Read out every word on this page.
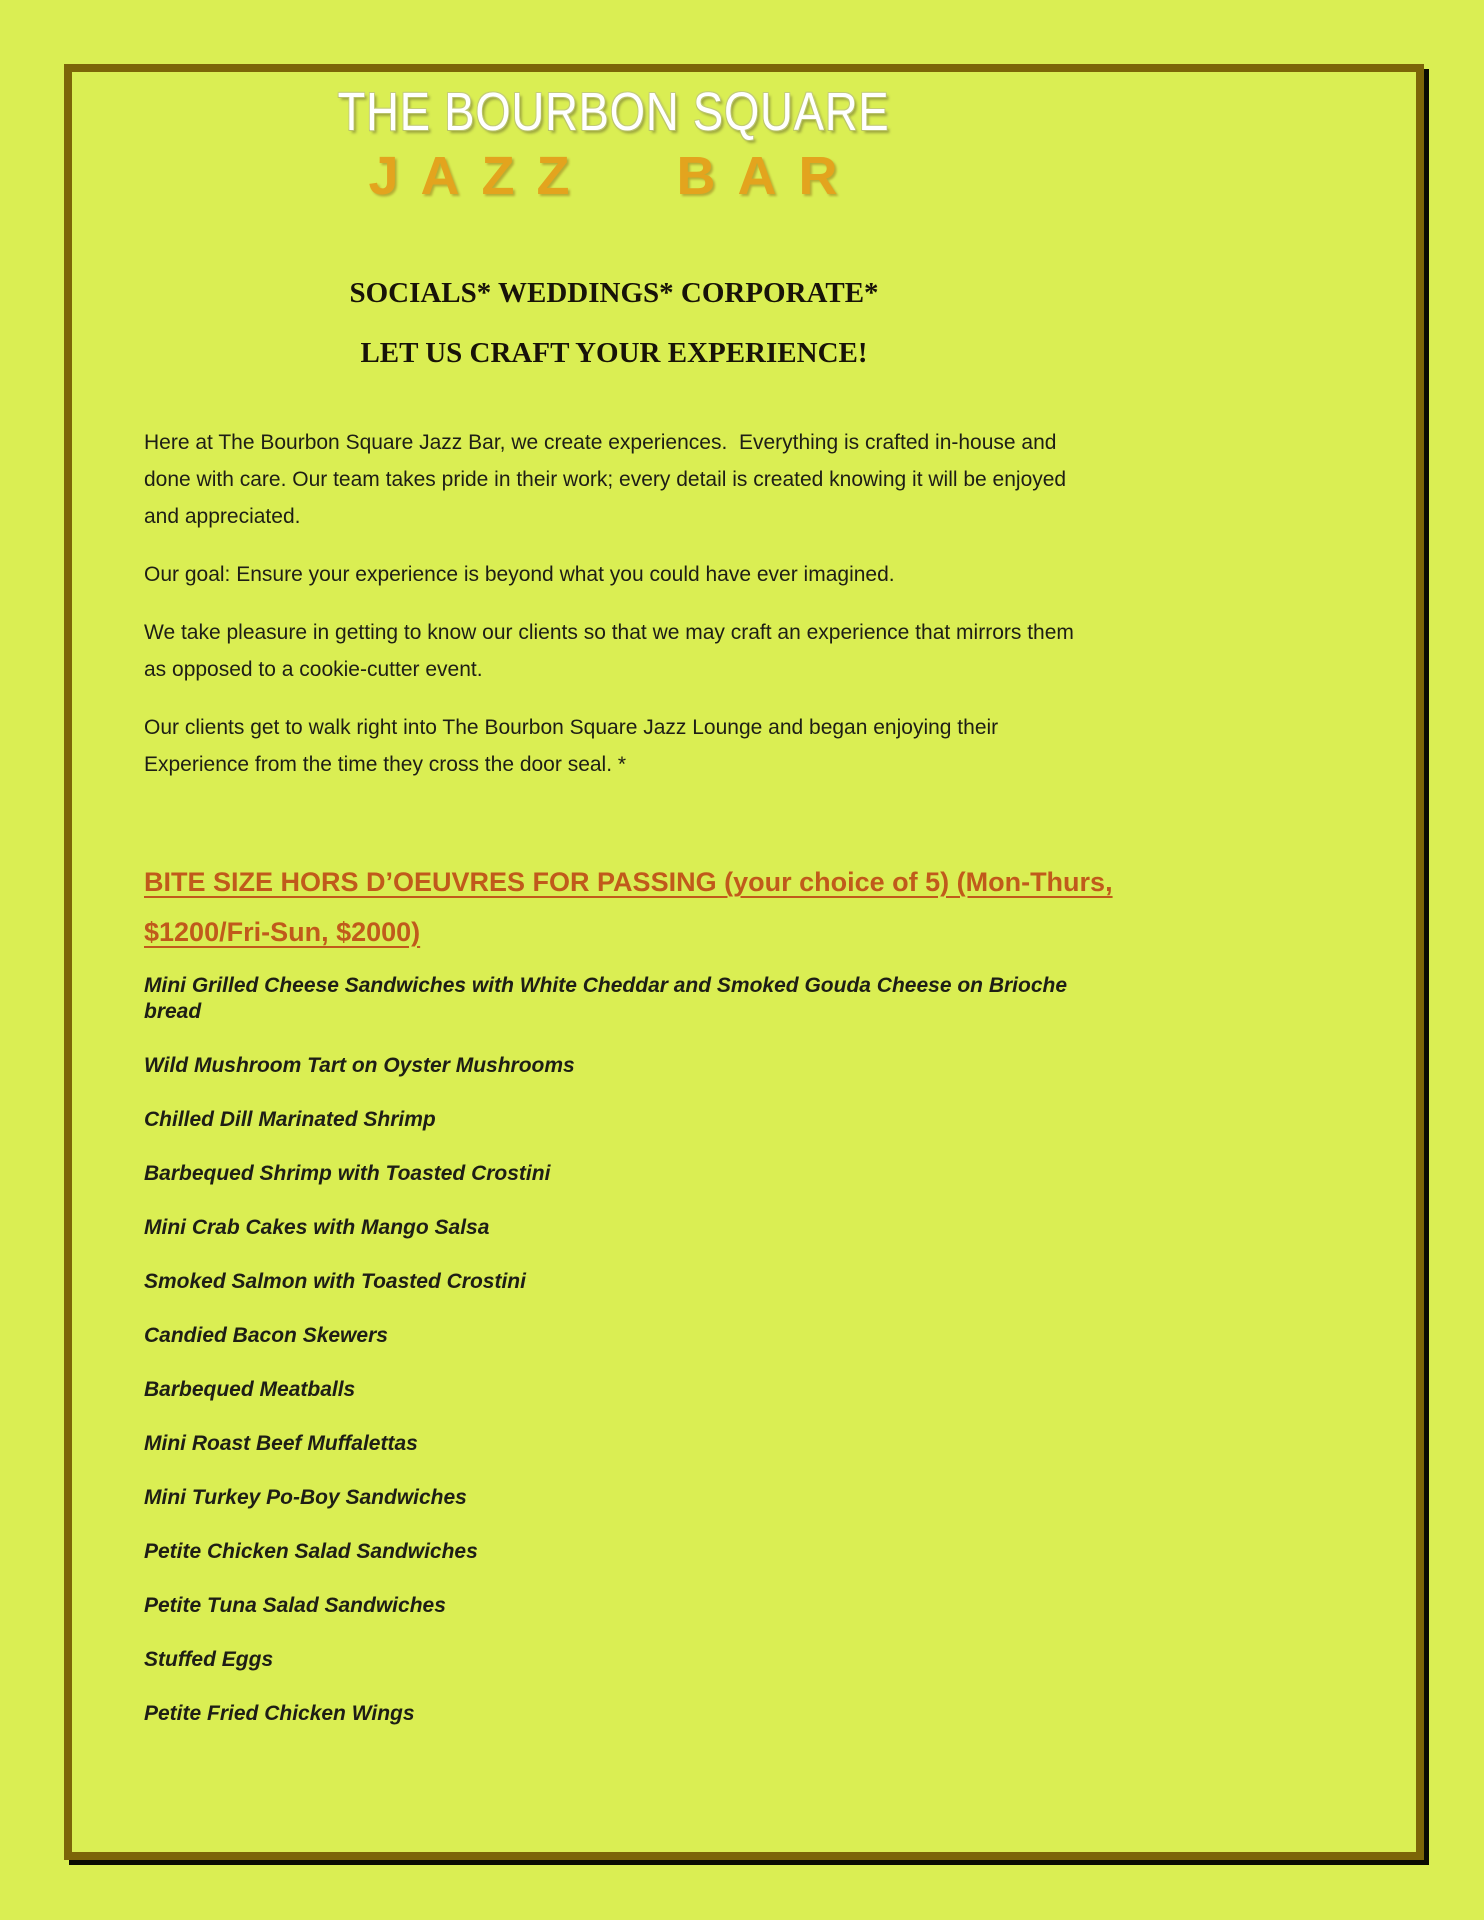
THE BOURBON SQUARE
JAZZ BAR
SOCIALS* WEDDINGS* CORPORATE*
LET US CRAFT YOUR EXPERIENCE!

Here at The Bourbon Square Jazz Bar, we create experiences.  Everything is crafted in-house and done with care. Our team takes pride in their work; every detail is created knowing it will be enjoyed and appreciated.

Our goal: Ensure your experience is beyond what you could have ever imagined.

We take pleasure in getting to know our clients so that we may craft an experience that mirrors them as opposed to a cookie-cutter event.

Our clients get to walk right into The Bourbon Square Jazz Lounge and began enjoying their Experience from the time they cross the door seal. *

BITE SIZE HORS D’OEUVRES FOR PASSING (your choice of 5) (Mon-Thurs,
$1200/Fri-Sun, $2000)

Mini Grilled Cheese Sandwiches with White Cheddar and Smoked Gouda Cheese on Brioche bread

Wild Mushroom Tart on Oyster Mushrooms

Chilled Dill Marinated Shrimp

Barbequed Shrimp with Toasted Crostini

Mini Crab Cakes with Mango Salsa

Smoked Salmon with Toasted Crostini

Candied Bacon Skewers

Barbequed Meatballs

Mini Roast Beef Muffalettas

Mini Turkey Po-Boy Sandwiches

Petite Chicken Salad Sandwiches

Petite Tuna Salad Sandwiches

Stuffed Eggs

Petite Fried Chicken Wings
